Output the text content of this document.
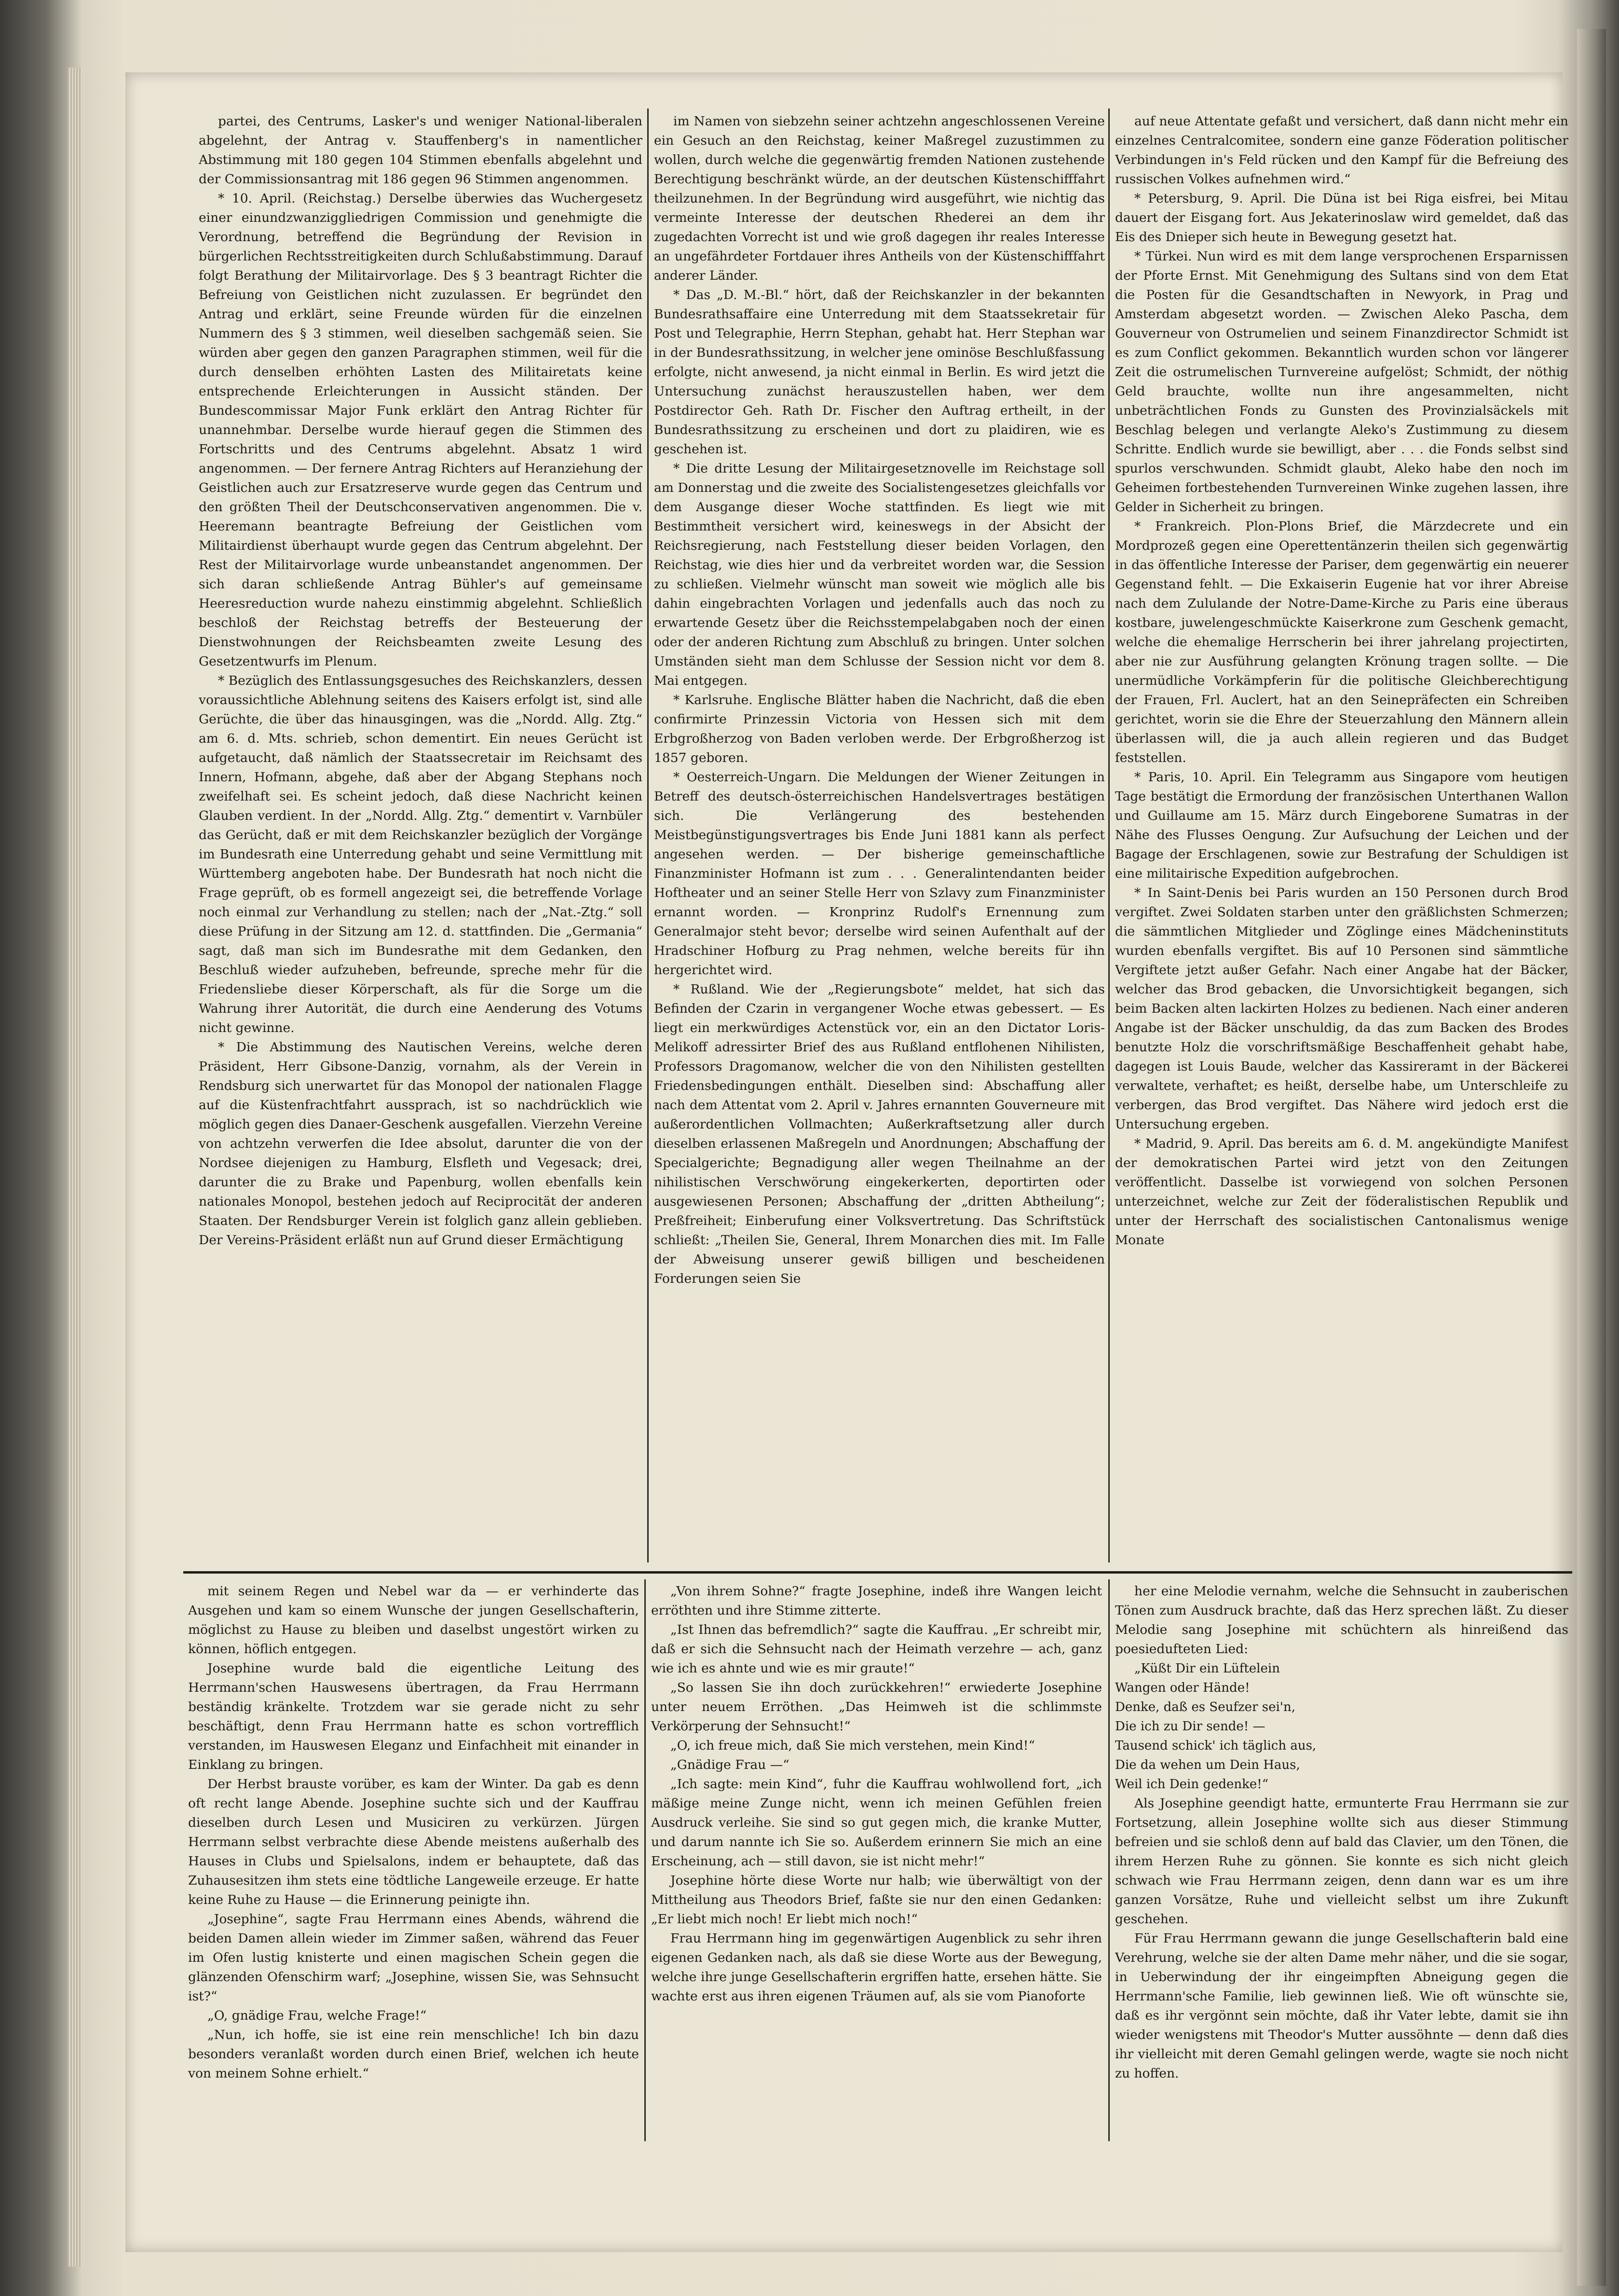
partei, des Centrums, Lasker's und weniger National-liberalen abgelehnt, der Antrag v. Stauffenberg's in namentlicher Abstimmung mit 180 gegen 104 Stimmen ebenfalls abgelehnt und der Commissionsantrag mit 186 gegen 96 Stimmen angenommen.

* 10. April. (Reichstag.) Derselbe überwies das Wuchergesetz einer einundzwanziggliedrigen Commission und genehmigte die Verordnung, betreffend die Begründung der Revision in bürgerlichen Rechtsstreitigkeiten durch Schlußabstimmung. Darauf folgt Berathung der Militairvorlage. Des § 3 beantragt Richter die Befreiung von Geistlichen nicht zuzulassen. Er begründet den Antrag und erklärt, seine Freunde würden für die einzelnen Nummern des § 3 stimmen, weil dieselben sachgemäß seien. Sie würden aber gegen den ganzen Paragraphen stimmen, weil für die durch denselben erhöhten Lasten des Militairetats keine entsprechende Erleichterungen in Aussicht ständen. Der Bundescommissar Major Funk erklärt den Antrag Richter für unannehmbar. Derselbe wurde hierauf gegen die Stimmen des Fortschritts und des Centrums abgelehnt. Absatz 1 wird angenommen. — Der fernere Antrag Richters auf Heranziehung der Geistlichen auch zur Ersatzreserve wurde gegen das Centrum und den größten Theil der Deutschconservativen angenommen. Die v. Heeremann beantragte Befreiung der Geistlichen vom Militairdienst überhaupt wurde gegen das Centrum abgelehnt. Der Rest der Militairvorlage wurde unbeanstandet angenommen. Der sich daran schließende Antrag Bühler's auf gemeinsame Heeresreduction wurde nahezu einstimmig abgelehnt. Schließlich beschloß der Reichstag betreffs der Besteuerung der Dienstwohnungen der Reichsbeamten zweite Lesung des Gesetzentwurfs im Plenum.

* Bezüglich des Entlassungsgesuches des Reichskanzlers, dessen voraussichtliche Ablehnung seitens des Kaisers erfolgt ist, sind alle Gerüchte, die über das hinausgingen, was die „Nordd. Allg. Ztg.“ am 6. d. Mts. schrieb, schon dementirt. Ein neues Gerücht ist aufgetaucht, daß nämlich der Staatssecretair im Reichsamt des Innern, Hofmann, abgehe, daß aber der Abgang Stephans noch zweifelhaft sei. Es scheint jedoch, daß diese Nachricht keinen Glauben verdient. In der „Nordd. Allg. Ztg.“ dementirt v. Varnbüler das Gerücht, daß er mit dem Reichskanzler bezüglich der Vorgänge im Bundesrath eine Unterredung gehabt und seine Vermittlung mit Württemberg angeboten habe. Der Bundesrath hat noch nicht die Frage geprüft, ob es formell angezeigt sei, die betreffende Vorlage noch einmal zur Verhandlung zu stellen; nach der „Nat.-Ztg.“ soll diese Prüfung in der Sitzung am 12. d. stattfinden. Die „Germania“ sagt, daß man sich im Bundesrathe mit dem Gedanken, den Beschluß wieder aufzuheben, befreunde, spreche mehr für die Friedensliebe dieser Körperschaft, als für die Sorge um die Wahrung ihrer Autorität, die durch eine Aenderung des Votums nicht gewinne.

* Die Abstimmung des Nautischen Vereins, welche deren Präsident, Herr Gibsone-Danzig, vornahm, als der Verein in Rendsburg sich unerwartet für das Monopol der nationalen Flagge auf die Küstenfrachtfahrt aussprach, ist so nachdrücklich wie möglich gegen dies Danaer-Geschenk ausgefallen. Vierzehn Vereine von achtzehn verwerfen die Idee absolut, darunter die von der Nordsee diejenigen zu Hamburg, Elsfleth und Vegesack; drei, darunter die zu Brake und Papenburg, wollen ebenfalls kein nationales Monopol, bestehen jedoch auf Reciprocität der anderen Staaten. Der Rendsburger Verein ist folglich ganz allein geblieben. Der Vereins-Präsident erläßt nun auf Grund dieser Ermächtigung

im Namen von siebzehn seiner achtzehn angeschlossenen Vereine ein Gesuch an den Reichstag, keiner Maßregel zuzustimmen zu wollen, durch welche die gegenwärtig fremden Nationen zustehende Berechtigung beschränkt würde, an der deutschen Küstenschifffahrt theilzunehmen. In der Begründung wird ausgeführt, wie nichtig das vermeinte Interesse der deutschen Rhederei an dem ihr zugedachten Vorrecht ist und wie groß dagegen ihr reales Interesse an ungefährdeter Fortdauer ihres Antheils von der Küstenschifffahrt anderer Länder.

* Das „D. M.-Bl.“ hört, daß der Reichskanzler in der bekannten Bundesrathsaffaire eine Unterredung mit dem Staatssekretair für Post und Telegraphie, Herrn Stephan, gehabt hat. Herr Stephan war in der Bundesrathssitzung, in welcher jene ominöse Beschlußfassung erfolgte, nicht anwesend, ja nicht einmal in Berlin. Es wird jetzt die Untersuchung zunächst herauszustellen haben, wer dem Postdirector Geh. Rath Dr. Fischer den Auftrag ertheilt, in der Bundesrathssitzung zu erscheinen und dort zu plaidiren, wie es geschehen ist.

* Die dritte Lesung der Militairgesetznovelle im Reichstage soll am Donnerstag und die zweite des Socialistengesetzes gleichfalls vor dem Ausgange dieser Woche stattfinden. Es liegt wie mit Bestimmtheit versichert wird, keineswegs in der Absicht der Reichsregierung, nach Feststellung dieser beiden Vorlagen, den Reichstag, wie dies hier und da verbreitet worden war, die Session zu schließen. Vielmehr wünscht man soweit wie möglich alle bis dahin eingebrachten Vorlagen und jedenfalls auch das noch zu erwartende Gesetz über die Reichsstempelabgaben noch der einen oder der anderen Richtung zum Abschluß zu bringen. Unter solchen Umständen sieht man dem Schlusse der Session nicht vor dem 8. Mai entgegen.

* Karlsruhe. Englische Blätter haben die Nachricht, daß die eben confirmirte Prinzessin Victoria von Hessen sich mit dem Erbgroßherzog von Baden verloben werde. Der Erbgroßherzog ist 1857 geboren.

* Oesterreich-Ungarn. Die Meldungen der Wiener Zeitungen in Betreff des deutsch-österreichischen Handelsvertrages bestätigen sich. Die Verlängerung des bestehenden Meistbegünstigungsvertrages bis Ende Juni 1881 kann als perfect angesehen werden. — Der bisherige gemeinschaftliche Finanzminister Hofmann ist zum . . . Generalintendanten beider Hoftheater und an seiner Stelle Herr von Szlavy zum Finanzminister ernannt worden. — Kronprinz Rudolf's Ernennung zum Generalmajor steht bevor; derselbe wird seinen Aufenthalt auf der Hradschiner Hofburg zu Prag nehmen, welche bereits für ihn hergerichtet wird.

* Rußland. Wie der „Regierungsbote“ meldet, hat sich das Befinden der Czarin in vergangener Woche etwas gebessert. — Es liegt ein merkwürdiges Actenstück vor, ein an den Dictator Loris-Melikoff adressirter Brief des aus Rußland entflohenen Nihilisten, Professors Dragomanow, welcher die von den Nihilisten gestellten Friedensbedingungen enthält. Dieselben sind: Abschaffung aller nach dem Attentat vom 2. April v. Jahres ernannten Gouverneure mit außerordentlichen Vollmachten; Außerkraftsetzung aller durch dieselben erlassenen Maßregeln und Anordnungen; Abschaffung der Specialgerichte; Begnadigung aller wegen Theilnahme an der nihilistischen Verschwörung eingekerkerten, deportirten oder ausgewiesenen Personen; Abschaffung der „dritten Abtheilung“; Preßfreiheit; Einberufung einer Volksvertretung. Das Schriftstück schließt: „Theilen Sie, General, Ihrem Monarchen dies mit. Im Falle der Abweisung unserer gewiß billigen und bescheidenen Forderungen seien Sie

auf neue Attentate gefaßt und versichert, daß dann nicht mehr ein einzelnes Centralcomitee, sondern eine ganze Föderation politischer Verbindungen in's Feld rücken und den Kampf für die Befreiung des russischen Volkes aufnehmen wird.“

* Petersburg, 9. April. Die Düna ist bei Riga eisfrei, bei Mitau dauert der Eisgang fort. Aus Jekaterinoslaw wird gemeldet, daß das Eis des Dnieper sich heute in Bewegung gesetzt hat.

* Türkei. Nun wird es mit dem lange versprochenen Ersparnissen der Pforte Ernst. Mit Genehmigung des Sultans sind von dem Etat die Posten für die Gesandtschaften in Newyork, in Prag und Amsterdam abgesetzt worden. — Zwischen Aleko Pascha, dem Gouverneur von Ostrumelien und seinem Finanzdirector Schmidt ist es zum Conflict gekommen. Bekanntlich wurden schon vor längerer Zeit die ostrumelischen Turnvereine aufgelöst; Schmidt, der nöthig Geld brauchte, wollte nun ihre angesammelten, nicht unbeträchtlichen Fonds zu Gunsten des Provinzialsäckels mit Beschlag belegen und verlangte Aleko's Zustimmung zu diesem Schritte. Endlich wurde sie bewilligt, aber . . . die Fonds selbst sind spurlos verschwunden. Schmidt glaubt, Aleko habe den noch im Geheimen fortbestehenden Turnvereinen Winke zugehen lassen, ihre Gelder in Sicherheit zu bringen.

* Frankreich. Plon-Plons Brief, die Märzdecrete und ein Mordprozeß gegen eine Operettentänzerin theilen sich gegenwärtig in das öffentliche Interesse der Pariser, dem gegenwärtig ein neuerer Gegenstand fehlt. — Die Exkaiserin Eugenie hat vor ihrer Abreise nach dem Zululande der Notre-Dame-Kirche zu Paris eine überaus kostbare, juwelengeschmückte Kaiserkrone zum Geschenk gemacht, welche die ehemalige Herrscherin bei ihrer jahrelang projectirten, aber nie zur Ausführung gelangten Krönung tragen sollte. — Die unermüdliche Vorkämpferin für die politische Gleichberechtigung der Frauen, Frl. Auclert, hat an den Seinepräfecten ein Schreiben gerichtet, worin sie die Ehre der Steuerzahlung den Männern allein überlassen will, die ja auch allein regieren und das Budget feststellen.

* Paris, 10. April. Ein Telegramm aus Singapore vom heutigen Tage bestätigt die Ermordung der französischen Unterthanen Wallon und Guillaume am 15. März durch Eingeborene Sumatras in der Nähe des Flusses Oengung. Zur Aufsuchung der Leichen und der Bagage der Erschlagenen, sowie zur Bestrafung der Schuldigen ist eine militairische Expedition aufgebrochen.

* In Saint-Denis bei Paris wurden an 150 Personen durch Brod vergiftet. Zwei Soldaten starben unter den gräßlichsten Schmerzen; die sämmtlichen Mitglieder und Zöglinge eines Mädcheninstituts wurden ebenfalls vergiftet. Bis auf 10 Personen sind sämmtliche Vergiftete jetzt außer Gefahr. Nach einer Angabe hat der Bäcker, welcher das Brod gebacken, die Unvorsichtigkeit begangen, sich beim Backen alten lackirten Holzes zu bedienen. Nach einer anderen Angabe ist der Bäcker unschuldig, da das zum Backen des Brodes benutzte Holz die vorschriftsmäßige Beschaffenheit gehabt habe, dagegen ist Louis Baude, welcher das Kassireramt in der Bäckerei verwaltete, verhaftet; es heißt, derselbe habe, um Unterschleife zu verbergen, das Brod vergiftet. Das Nähere wird jedoch erst die Untersuchung ergeben.

* Madrid, 9. April. Das bereits am 6. d. M. angekündigte Manifest der demokratischen Partei wird jetzt von den Zeitungen veröffentlicht. Dasselbe ist vorwiegend von solchen Personen unterzeichnet, welche zur Zeit der föderalistischen Republik und unter der Herrschaft des socialistischen Cantonalismus wenige Monate

mit seinem Regen und Nebel war da — er verhinderte das Ausgehen und kam so einem Wunsche der jungen Gesellschafterin, möglichst zu Hause zu bleiben und daselbst ungestört wirken zu können, höflich entgegen.

Josephine wurde bald die eigentliche Leitung des Herrmann'schen Hauswesens übertragen, da Frau Herrmann beständig kränkelte. Trotzdem war sie gerade nicht zu sehr beschäftigt, denn Frau Herrmann hatte es schon vortrefflich verstanden, im Hauswesen Eleganz und Einfachheit mit einander in Einklang zu bringen.

Der Herbst brauste vorüber, es kam der Winter. Da gab es denn oft recht lange Abende. Josephine suchte sich und der Kauffrau dieselben durch Lesen und Musiciren zu verkürzen. Jürgen Herrmann selbst verbrachte diese Abende meistens außerhalb des Hauses in Clubs und Spielsalons, indem er behauptete, daß das Zuhausesitzen ihm stets eine tödtliche Langeweile erzeuge. Er hatte keine Ruhe zu Hause — die Erinnerung peinigte ihn.

„Josephine“, sagte Frau Herrmann eines Abends, während die beiden Damen allein wieder im Zimmer saßen, während das Feuer im Ofen lustig knisterte und einen magischen Schein gegen die glänzenden Ofenschirm warf; „Josephine, wissen Sie, was Sehnsucht ist?“

„O, gnädige Frau, welche Frage!“

„Nun, ich hoffe, sie ist eine rein menschliche! Ich bin dazu besonders veranlaßt worden durch einen Brief, welchen ich heute von meinem Sohne erhielt.“

„Von ihrem Sohne?“ fragte Josephine, indeß ihre Wangen leicht erröthten und ihre Stimme zitterte.

„Ist Ihnen das befremdlich?“ sagte die Kauffrau. „Er schreibt mir, daß er sich die Sehnsucht nach der Heimath verzehre — ach, ganz wie ich es ahnte und wie es mir graute!“

„So lassen Sie ihn doch zurückkehren!“ erwiederte Josephine unter neuem Erröthen. „Das Heimweh ist die schlimmste Verkörperung der Sehnsucht!“

„O, ich freue mich, daß Sie mich verstehen, mein Kind!“

„Gnädige Frau —“

„Ich sagte: mein Kind“, fuhr die Kauffrau wohlwollend fort, „ich mäßige meine Zunge nicht, wenn ich meinen Gefühlen freien Ausdruck verleihe. Sie sind so gut gegen mich, die kranke Mutter, und darum nannte ich Sie so. Außerdem erinnern Sie mich an eine Erscheinung, ach — still davon, sie ist nicht mehr!“

Josephine hörte diese Worte nur halb; wie überwältigt von der Mittheilung aus Theodors Brief, faßte sie nur den einen Gedanken: „Er liebt mich noch! Er liebt mich noch!“

Frau Herrmann hing im gegenwärtigen Augenblick zu sehr ihren eigenen Gedanken nach, als daß sie diese Worte aus der Bewegung, welche ihre junge Gesellschafterin ergriffen hatte, ersehen hätte. Sie wachte erst aus ihren eigenen Träumen auf, als sie vom Pianoforte

her eine Melodie vernahm, welche die Sehnsucht in zauberischen Tönen zum Ausdruck brachte, daß das Herz sprechen läßt. Zu dieser Melodie sang Josephine mit schüchtern als hinreißend das poesiedufteten Lied:

„Küßt Dir ein Lüftelein
Wangen oder Hände!
Denke, daß es Seufzer sei'n,
Die ich zu Dir sende! —
Tausend schick' ich täglich aus,
Die da wehen um Dein Haus,
Weil ich Dein gedenke!“

Als Josephine geendigt hatte, ermunterte Frau Herrmann sie zur Fortsetzung, allein Josephine wollte sich aus dieser Stimmung befreien und sie schloß denn auf bald das Clavier, um den Tönen, die ihrem Herzen Ruhe zu gönnen. Sie konnte es sich nicht gleich schwach wie Frau Herrmann zeigen, denn dann war es um ihre ganzen Vorsätze, Ruhe und vielleicht selbst um ihre Zukunft geschehen.

Für Frau Herrmann gewann die junge Gesellschafterin bald eine Verehrung, welche sie der alten Dame mehr näher, und die sie sogar, in Ueberwindung der ihr eingeimpften Abneigung gegen die Herrmann'sche Familie, lieb gewinnen ließ. Wie oft wünschte sie, daß es ihr vergönnt sein möchte, daß ihr Vater lebte, damit sie ihn wieder wenigstens mit Theodor's Mutter aussöhnte — denn daß dies ihr vielleicht mit deren Gemahl gelingen werde, wagte sie noch nicht zu hoffen.
